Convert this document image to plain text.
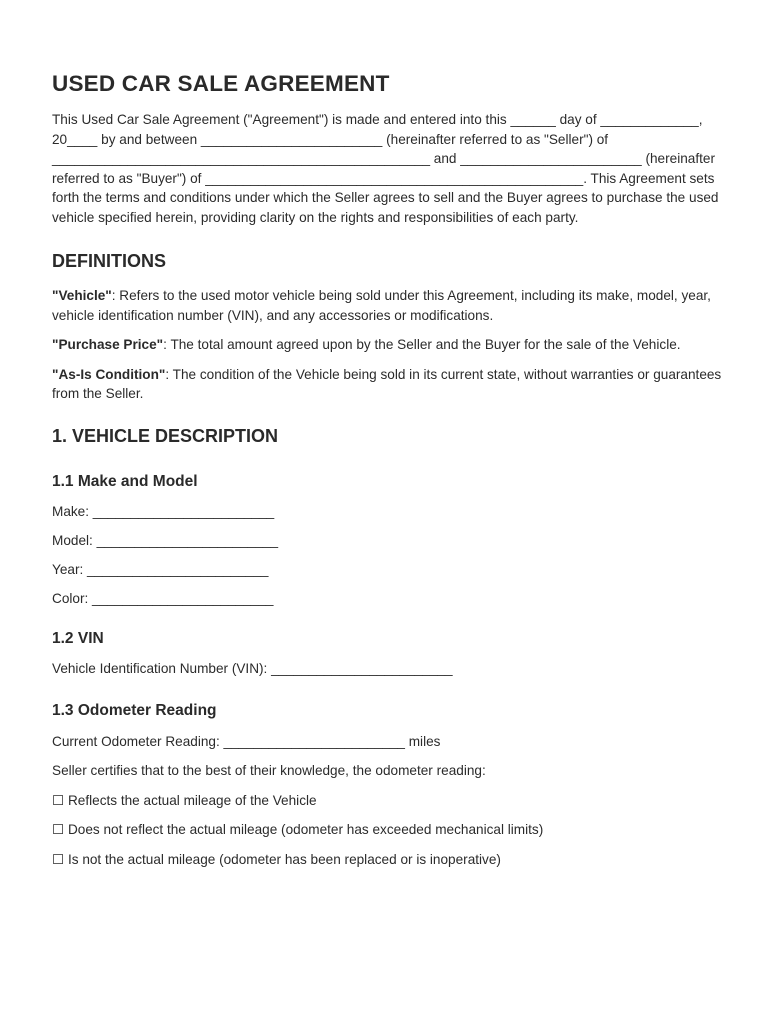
USED CAR SALE AGREEMENT

This Used Car Sale Agreement ("Agreement") is made and entered into this ______ day of _____________, 20____ by and between ________________________ (hereinafter referred to as "Seller") of __________________________________________________ and ________________________ (hereinafter referred to as "Buyer") of __________________________________________________. This Agreement sets forth the terms and conditions under which the Seller agrees to sell and the Buyer agrees to purchase the used vehicle specified herein, providing clarity on the rights and responsibilities of each party.

DEFINITIONS

"Vehicle": Refers to the used motor vehicle being sold under this Agreement, including its make, model, year, vehicle identification number (VIN), and any accessories or modifications.

"Purchase Price": The total amount agreed upon by the Seller and the Buyer for the sale of the Vehicle.

"As-Is Condition": The condition of the Vehicle being sold in its current state, without warranties or guarantees from the Seller.

1. VEHICLE DESCRIPTION
1.1 Make and Model

Make: ________________________

Model: ________________________

Year: ________________________

Color: ________________________

1.2 VIN

Vehicle Identification Number (VIN): ________________________

1.3 Odometer Reading

Current Odometer Reading: ________________________ miles

Seller certifies that to the best of their knowledge, the odometer reading:

☐ Reflects the actual mileage of the Vehicle

☐ Does not reflect the actual mileage (odometer has exceeded mechanical limits)

☐ Is not the actual mileage (odometer has been replaced or is inoperative)
